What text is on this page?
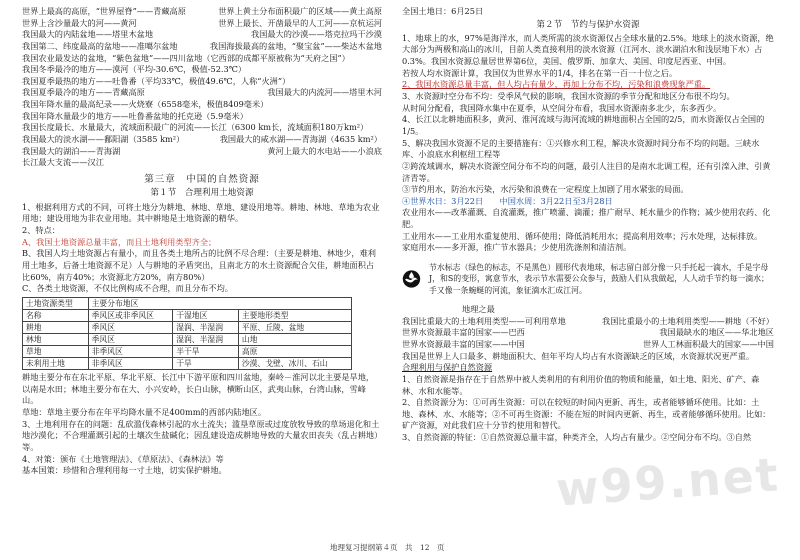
世界上最高的高原，“世界屋脊”——青藏高原	世界上黄土分布面积最广的区域——黄土高原
世界上含沙量最大的河——黄河	世界上最长、开凿最早的人工河——京杭运河
我国最大的内陆盆地——塔里木盆地	我国最大的沙漠——塔克拉玛干沙漠
我国第二、纬度最高的盆地——准噶尔盆地	我国海拔最高的盆地，“聚宝盆”——柴达木盆地
我国农业最发达的盆地，“紫色盆地”——四川盆地（它西部的成都平原被称为“天府之国”）
我国冬季最冷的地方——漠河（平均-30.6℃，极值-52.3℃）
我国夏季最热的地方——吐鲁番（平均33℃，极值49.6℃，人称“火洲”）
我国夏季最冷的地方——青藏高原	我国最大的内流河——塔里木河
我国年降水量的最高纪录——火烧寮（6558毫米，极值8409毫米）
我国年降水量最少的地方——吐鲁番盆地的托克逊（5.9毫米）
我国长度最长、水量最大，流域面积最广的河流——长江（6300 km长，流域面积180万km²）
我国最大的淡水湖——鄱阳湖（3585 km²）	我国最大的咸水湖——青海湖（4635 km²）
我国最大的湖泊——青海湖	黄河上最大的水电站——小浪底
长江最大支流——汉江
第三章　中国的自然资源
第１节　合理利用土地资源
1、根据利用方式的不同，可将土地分为耕地、林地、草地、建设用地等。耕地、林地、草地为农业用地；建设用地为非农业用地。其中耕地是土地资源的精华。
2、特点：
A、我国土地资源总量丰富，而且土地利用类型齐全；
B、我国人均土地资源占有量小，而且各类土地所占的比例不尽合理：（主要是耕地、林地少，难利用土地多，后备土地资源不足）人与耕地的矛盾突出，且南北方的水土资源配合欠佳，耕地面积占比60%，南方40%；水资源北方20%，南方80%）
C、各类土地资源，不仅比例构成不合理，而且分布不均。
土地资源类型	主要分布地区		
名称	季风区或非季风区	干湿地区	主要地形类型
耕地	季风区	湿润、半湿润	平原、丘陵、盆地
林地	季风区	湿润、半湿润	山地
草地	非季风区	半干旱	高原
未利用土地	非季风区	干旱	沙漠、戈壁、冰川、石山
耕地主要分布在东北平原、华北平原、长江中下游平原和四川盆地，秦岭－淮河以北主要是旱地，以南是水田；林地主要分布在大、小兴安岭，长白山脉，横断山区，武夷山脉，台湾山脉，雪峰山。
草地：草地主要分布在年平均降水量不足400mm的西部内陆地区。
3、土地利用存在的问题：乱砍滥伐森林引起的水土流失；滥垦草原或过度放牧导致的草场退化和土地沙漠化；不合理灌溉引起的土壤次生盐碱化；因乱建设造成耕地导致的大量农田丧失（乱占耕地）等。
4、对策：颁布《土地管理法》、《草原法》、《森林法》等
基本国策：珍惜和合理利用每一寸土地，切实保护耕地。
全国土地日：6月25日
第２节　节约与保护水资源
1、地球上的水，97%是海洋水，而人类所需的淡水资源仅占全球水量的2.5%。地球上的淡水资源，绝大部分为两极和高山的冰川，目前人类直接利用的淡水资源（江河水、淡水湖泊水和浅层地下水）占0.3%。我国水资源总量居世界第6位，美国、俄罗斯、加拿大、美国、印度尼西亚、中国。
若按人均水资源计算，我国仅为世界水平的1/4，排名在第一百一十位之后。
2、我国水资源总量丰富，但人均占有量少，再加上分布不均，污染和浪费现象严重。
3、水资源时空分布不均：受季风气候的影响，我国水资源的季节分配和地区分布很不均匀。
从时间分配看，我国降水集中在夏季，从空间分布看，我国水资源南多北少，东多西少。
4、长江以北耕地面积多，黄河、淮河流域与海河流域的耕地面积占全国的2/5，而水资源仅占全国的1/5。
5、解决我国水资源不足的主要措施有：①兴修水利工程，解决水资源时间分布不均的问题。三峡水库、小浪底水利枢纽工程等
②跨流域调水，解决水资源空间分布不均的问题，最引人注目的是南水北调工程，还有引滦入津、引黄济青等。
③节约用水，防治水污染，水污染和浪费在一定程度上加剧了用水紧张的局面。
④世界水日：3月22日　　中国水周：3月22日至3月28日
农业用水——改革灌溉、自流灌溉，推广喷灌、滴灌；推广耐早、耗水量少的作物；减少使用农药、化肥。
工业用水——工业用水重复使用、循环使用；降低消耗用水；提高利用效率；污水处理，达标排放。
家庭用水——多开源，推广节水器具；少使用洗涤剂和清洁剂。
节水标志（绿色的标志，不是黑色）圆形代表地球，标志留白部分像一只手托起一滴水，手是字母J，和S的变形，寓意节水，表示节水需要公众参与，鼓励人们从我做起，人人动手节约每一滴水；手又像一条蜿蜒的河流，象征滴水汇成江河。
地理之最
我国比重最大的土地利用类型——可利用草地	我国比重最小的土地利用类型——耕地（不好）
世界水资源最丰富的国家——巴西	我国最缺水的地区——华北地区
世界水资源最丰富的国家——中国	世界人工林面积最大的国家——中国
我国是世界上人口最多、耕地面积大、但年平均人均占有水资源缺乏的区域，水资源状况更严重。
合理利用与保护自然资源
1、自然资源是指存在于自然界中被人类利用的有利用价值的物质和能量，如土地、阳光、矿产、森林、水和水能等。
2、自然资源分为：①可再生资源：可以在较短的时间内更新、再生，或者能够循环使用。比如：土地、森林、水、水能等；②不可再生资源：不能在短的时间内更新、再生，或者能够循环使用。比如：矿产资源，对此我们应十分节约使用和替代。
3、自然资源的特征：①自然资源总量丰富，种类齐全，人均占有量少。②空间分布不均。③自然
w99.net
地理复习提纲第４页　共　12　页
